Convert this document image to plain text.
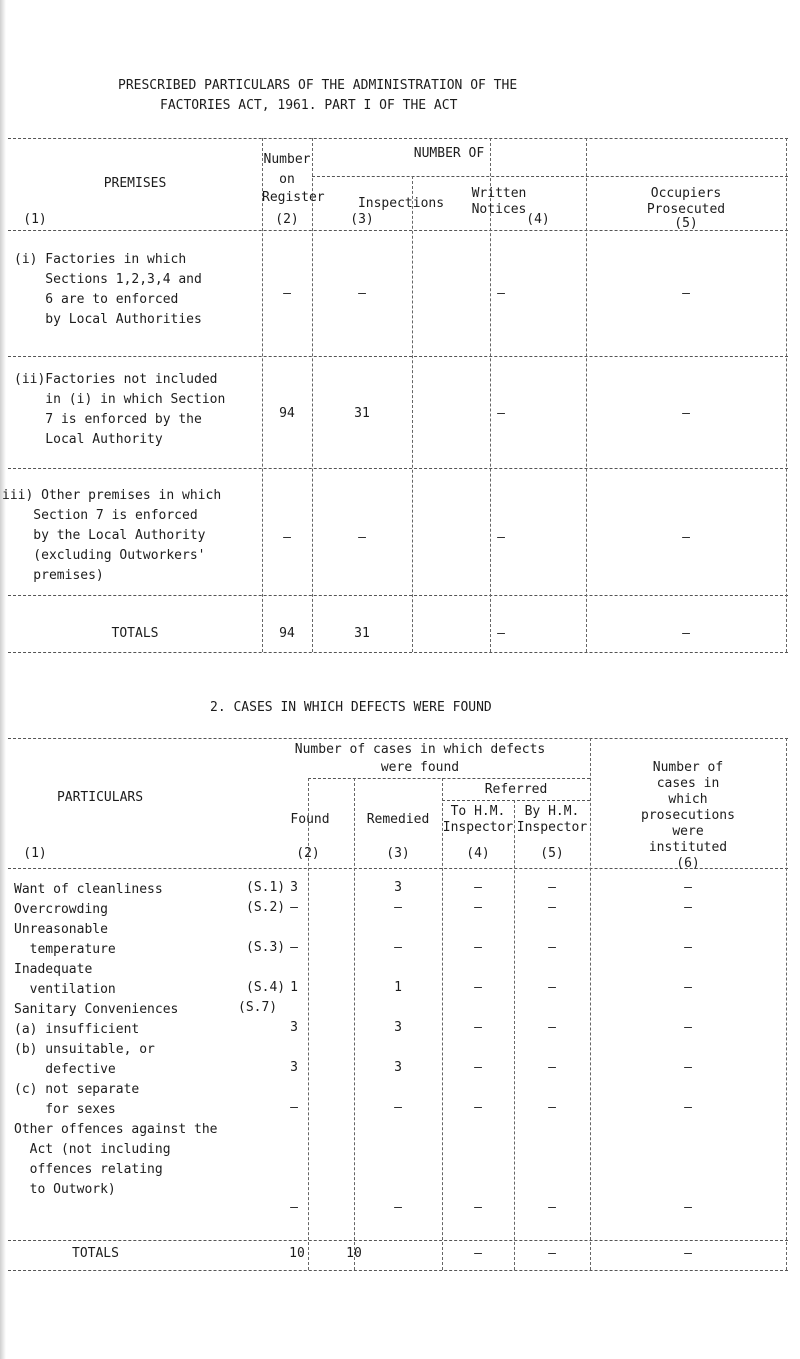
PRESCRIBED PARTICULARS OF THE ADMINISTRATION OF THE
FACTORIES ACT, 1961. PART I OF THE ACT
PREMISES
(1)
Number
on
Register
(2)
NUMBER OF
Inspections
(3)
Written
Notices
(4)
Occupiers
Prosecuted
(5)
(i) Factories in which
Sections 1,2,3,4 and
6 are to enforced
by Local Authorities
–	–	–	–
(ii)Factories not included
in (i) in which Section
7 is enforced by the
Local Authority
94	31	–	–
iii) Other premises in which
Section 7 is enforced
by the Local Authority
(excluding Outworkers'
premises)
–	–	–	–
TOTALS	94	31	–	–
2. CASES IN WHICH DEFECTS WERE FOUND
PARTICULARS
(1)
Number of cases in which defects
were found
Referred
Found
(2)
Remedied
(3)
To H.M.
Inspector
(4)
By H.M.
Inspector
(5)
Number of
cases in
which
prosecutions
were
instituted
(6)
Want of cleanliness	(S.1) 3	3	–	–	–
Overcrowding	(S.2) –	–	–	–	–
Unreasonable
temperature	(S.3) –	–	–	–	–
Inadequate
ventilation	(S.4) 1	1	–	–	–
Sanitary Conveniences	(S.7)
(a) insufficient	3	3	–	–	–
(b) unsuitable, or
defective	3	3	–	–	–
(c) not separate
for sexes	–	–	–	–	–
Other offences against the
Act (not including
offences relating
to Outwork)
–	–	–	–	–
TOTALS	10	10	–	–	–
